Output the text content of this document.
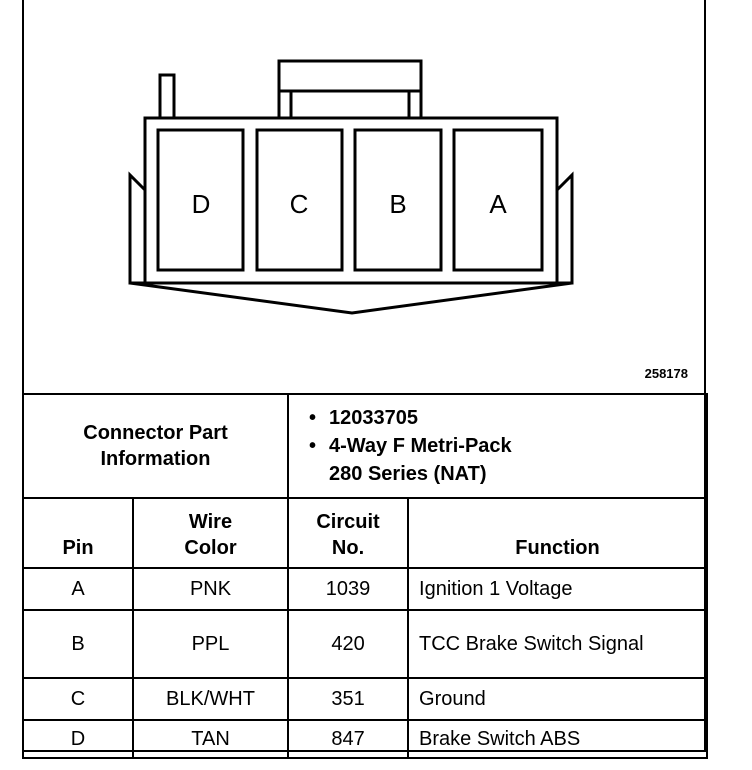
D	C	B	A
258178
Connector Part Information		• 12033705
• 4-Way F Metri-Pack
280 Series (NAT)

Pin	Wire Color	Circuit No.	Function
A	PNK	1039	Ignition 1 Voltage
B	PPL	420	TCC Brake Switch Signal
C	BLK/WHT	351	Ground
D	TAN	847	Brake Switch ABS
